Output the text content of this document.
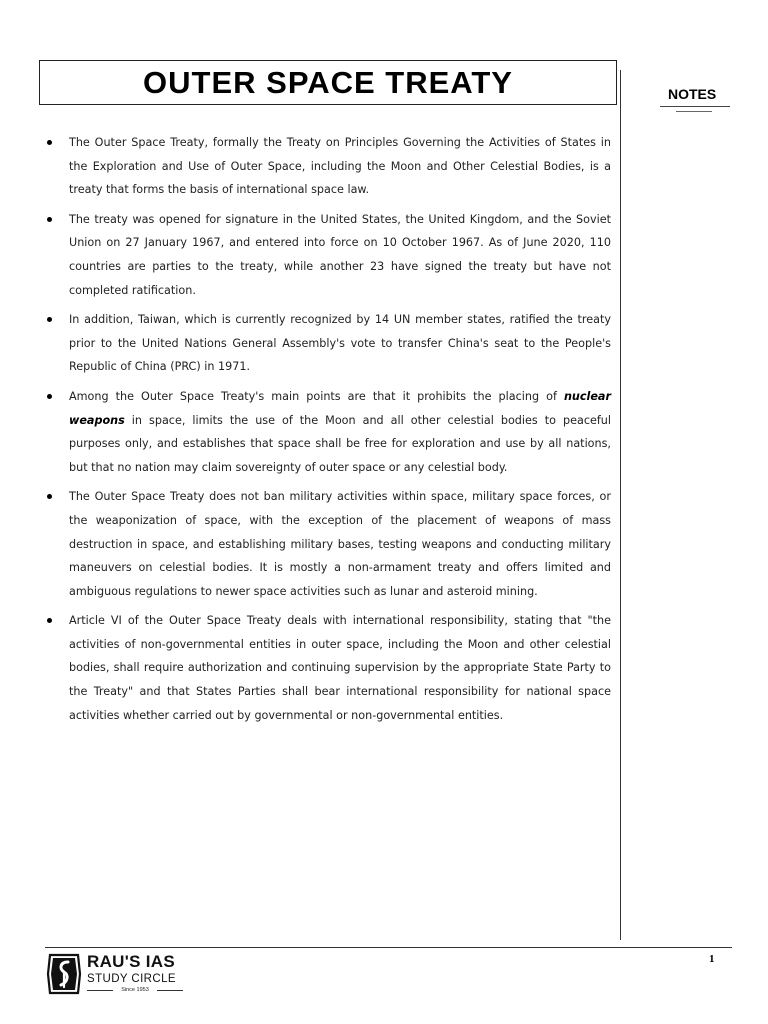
OUTER SPACE TREATY	NOTES

The Outer Space Treaty, formally the Treaty on Principles Governing the Activities of States in the Exploration and Use of Outer Space, including the Moon and Other Celestial Bodies, is a treaty that forms the basis of international space law.

The treaty was opened for signature in the United States, the United Kingdom, and the Soviet Union on 27 January 1967, and entered into force on 10 October 1967. As of June 2020, 110 countries are parties to the treaty, while another 23 have signed the treaty but have not completed ratification.

In addition, Taiwan, which is currently recognized by 14 UN member states, ratified the treaty prior to the United Nations General Assembly's vote to transfer China's seat to the People's Republic of China (PRC) in 1971.

Among the Outer Space Treaty's main points are that it prohibits the placing of nuclear weapons in space, limits the use of the Moon and all other celestial bodies to peaceful purposes only, and establishes that space shall be free for exploration and use by all nations, but that no nation may claim sovereignty of outer space or any celestial body.

The Outer Space Treaty does not ban military activities within space, military space forces, or the weaponization of space, with the exception of the placement of weapons of mass destruction in space, and establishing military bases, testing weapons and conducting military maneuvers on celestial bodies. It is mostly a non-armament treaty and offers limited and ambiguous regulations to newer space activities such as lunar and asteroid mining.

Article VI of the Outer Space Treaty deals with international responsibility, stating that "the activities of non-governmental entities in outer space, including the Moon and other celestial bodies, shall require authorization and continuing supervision by the appropriate State Party to the Treaty" and that States Parties shall bear international responsibility for national space activities whether carried out by governmental or non-governmental entities.

RAU'S IAS
STUDY CIRCLE
Since 1953
1
